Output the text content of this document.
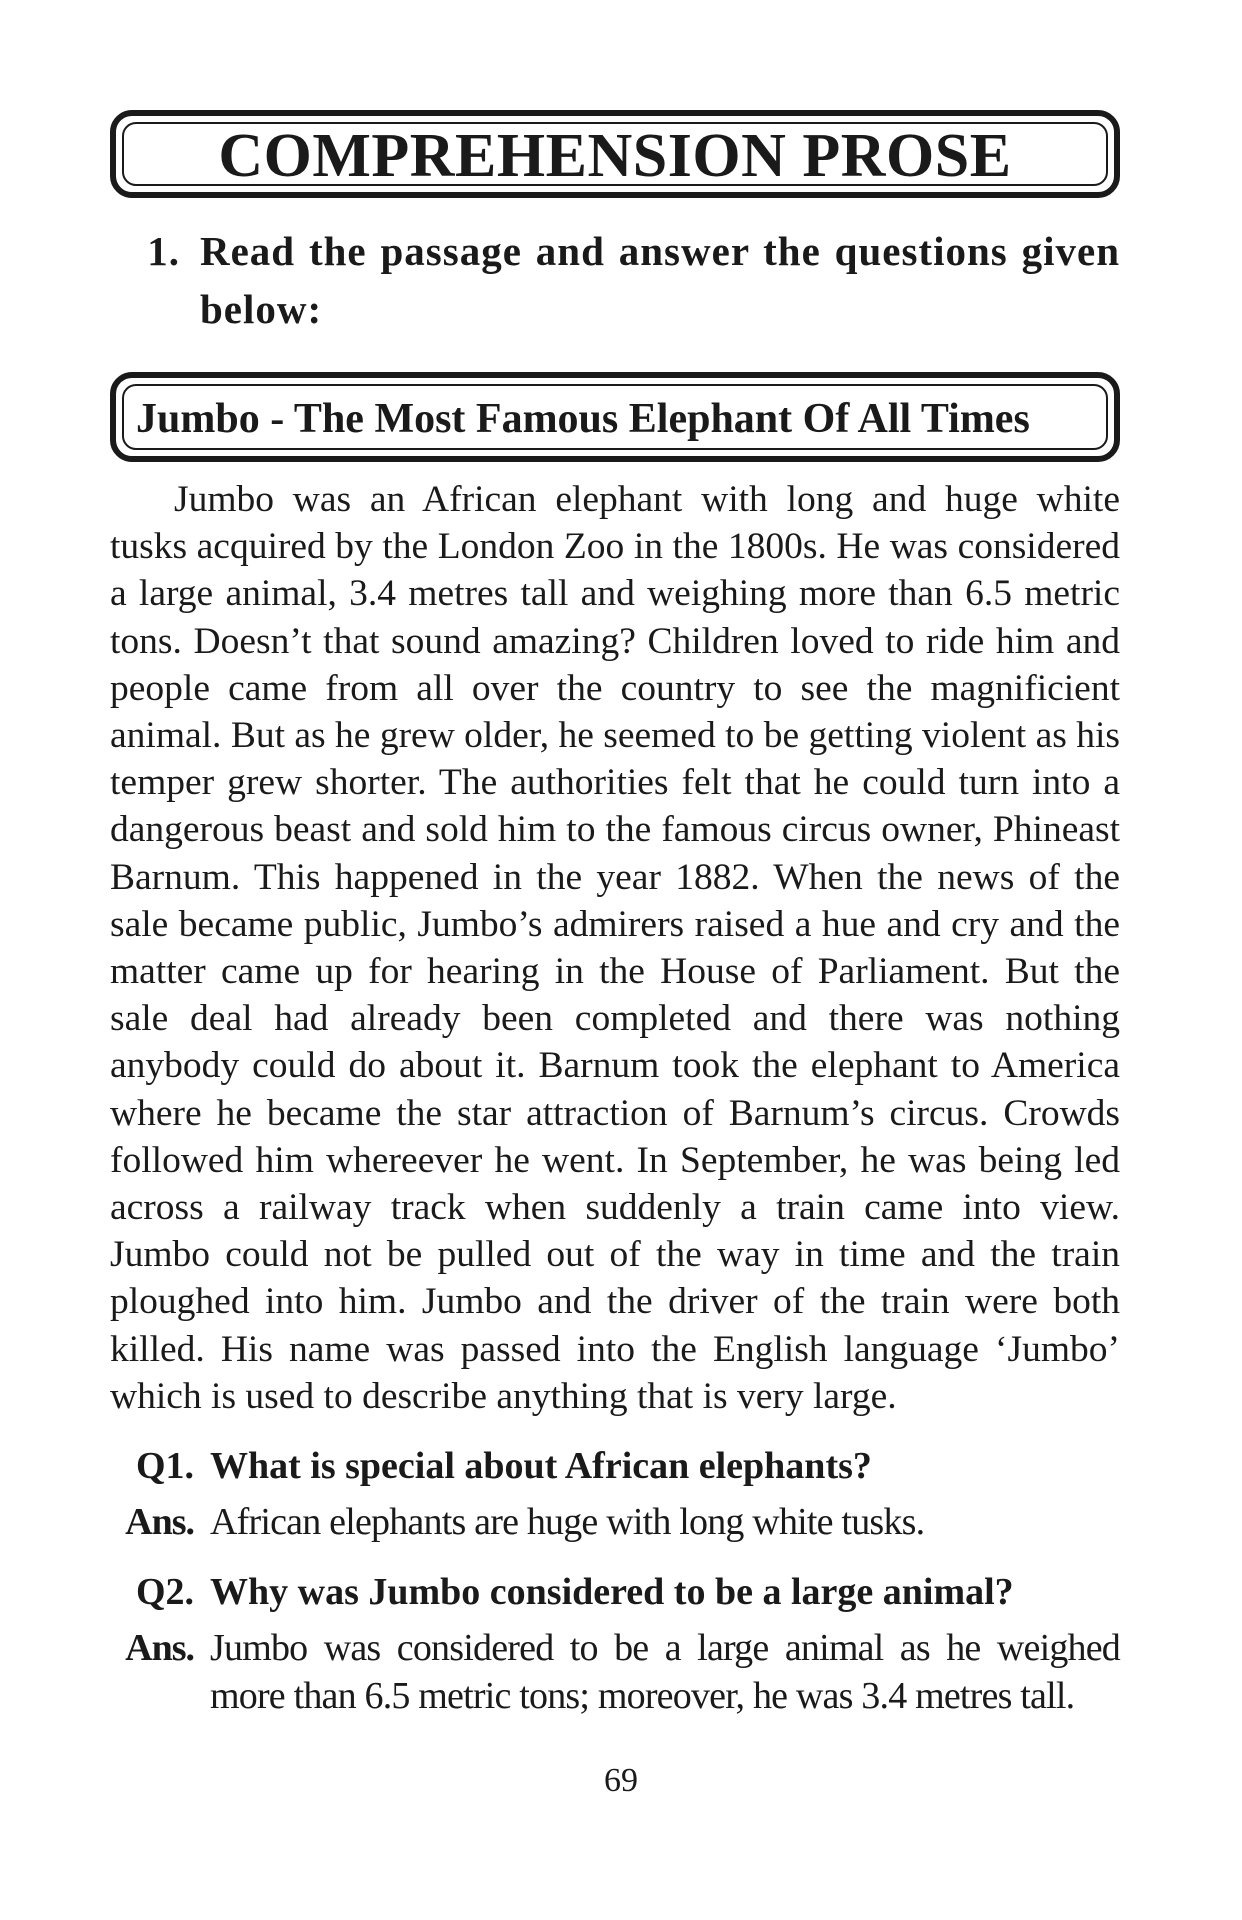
COMPREHENSION PROSE
1. Read the passage and answer the questions given below:
Jumbo - The Most Famous Elephant Of All Times

Jumbo was an African elephant with long and huge white tusks acquired by the London Zoo in the 1800s. He was considered a large animal, 3.4 metres tall and weighing more than 6.5 metric tons. Doesn’t that sound amazing? Children loved to ride him and people came from all over the country to see the magnificient animal. But as he grew older, he seemed to be getting violent as his temper grew shorter. The authorities felt that he could turn into a dangerous beast and sold him to the famous circus owner, Phineast Barnum. This happened in the year 1882. When the news of the sale became public, Jumbo’s admirers raised a hue and cry and the matter came up for hearing in the House of Parliament. But the sale deal had already been completed and there was nothing anybody could do about it. Barnum took the elephant to America where he became the star attraction of Barnum’s circus. Crowds followed him whereever he went. In September, he was being led across a railway track when suddenly a train came into view. Jumbo could not be pulled out of the way in time and the train ploughed into him. Jumbo and the driver of the train were both killed. His name was passed into the English language ‘Jumbo’ which is used to describe anything that is very large.

Q1. What is special about African elephants?
Ans. African elephants are huge with long white tusks.
Q2. Why was Jumbo considered to be a large animal?
Ans. Jumbo was considered to be a large animal as he weighed more than 6.5 metric tons; moreover, he was 3.4 metres tall.
69
